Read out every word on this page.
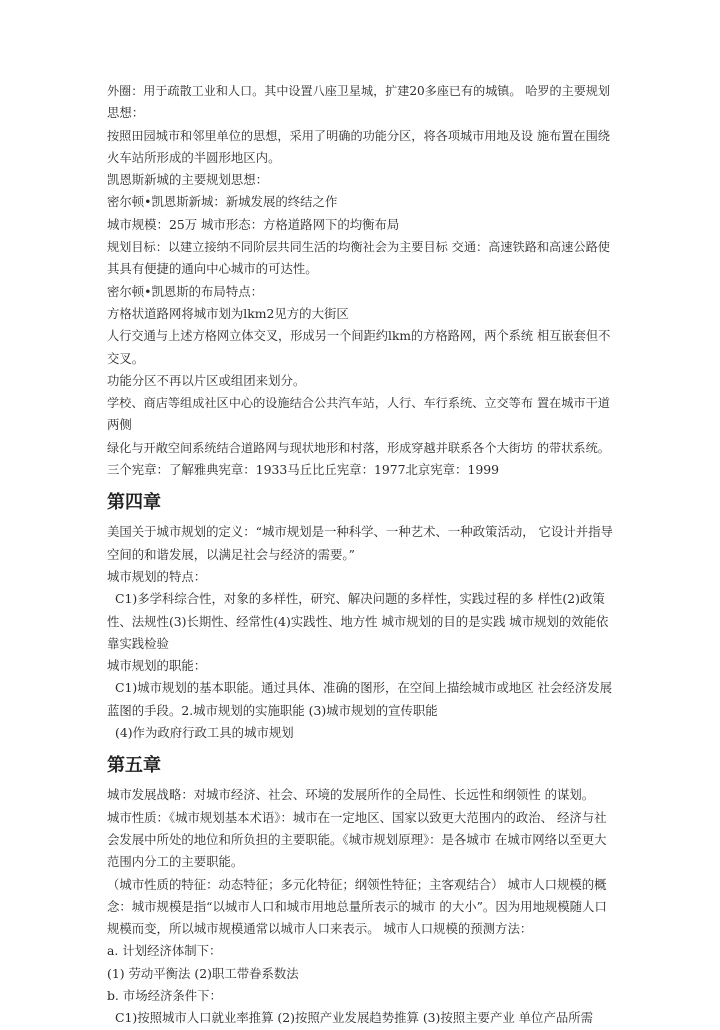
外圈：用于疏散工业和人口。其中设置八座卫星城，扩建20多座已有的城镇。 哈罗的主要规划
思想：
按照田园城市和邻里单位的思想，采用了明确的功能分区，将各项城市用地及设 施布置在围绕
火车站所形成的半圆形地区内。
凯恩斯新城的主要规划思想：
密尔顿•凯恩斯新城：新城发展的终结之作
城市规模：25万 城市形态：方格道路网下的均衡布局
规划目标：以建立接纳不同阶层共同生活的均衡社会为主要目标 交通：高速铁路和高速公路使
其具有便捷的通向中心城市的可达性。
密尔顿•凯恩斯的布局特点：
方格状道路网将城市划为lkm2见方的大街区
人行交通与上述方格网立体交叉，形成另一个间距约lkm的方格路网，两个系统 相互嵌套但不
交叉。
功能分区不再以片区或组团来划分。
学校、商店等组成社区中心的设施结合公共汽车站，人行、车行系统、立交等布 置在城市干道
两侧
绿化与开敞空间系统结合道路网与现状地形和村落，形成穿越并联系各个大街坊 的带状系统。
三个宪章：了解雅典宪章：1933马丘比丘宪章：1977北京宪章：1999
第四章
美国关于城市规划的定义：“城市规划是一种科学、一种艺术、一种政策活动， 它设计并指导
空间的和谐发展，以满足社会与经济的需要。”
城市规划的特点：
C1)多学科综合性，对象的多样性，研究、解决问题的多样性，实践过程的多 样性(2)政策
性、法规性(3)长期性、经常性(4)实践性、地方性 城市规划的目的是实践 城市规划的效能依
靠实践检验
城市规划的职能：
C1)城市规划的基本职能。通过具体、准确的图形，在空间上描绘城市或地区 社会经济发展
蓝图的手段。2.城市规划的实施职能 (3)城市规划的宣传职能
(4)作为政府行政工具的城市规划
第五章
城市发展战略：对城市经济、社会、环境的发展所作的全局性、长远性和纲领性 的谋划。
城市性质：《城市规划基本术语》：城市在一定地区、国家以致更大范围内的政治、 经济与社
会发展中所处的地位和所负担的主要职能。《城市规划原理》：是各城市 在城市网络以至更大
范围内分工的主要职能。
（城市性质的特征：动态特征；多元化特征；纲领性特征；主客观结合） 城市人口规模的概
念：城市规模是指“以城市人口和城市用地总量所表示的城市 的大小”。因为用地规模随人口
规模而变，所以城市规模通常以城市人口来表示。 城市人口规模的预测方法：
a. 计划经济体制下：
(1) 劳动平衡法 (2)职工带眷系数法
b. 市场经济条件下：
C1)按照城市人口就业率推算 (2)按照产业发展趋势推算 (3)按照主要产业 单位产品所需
